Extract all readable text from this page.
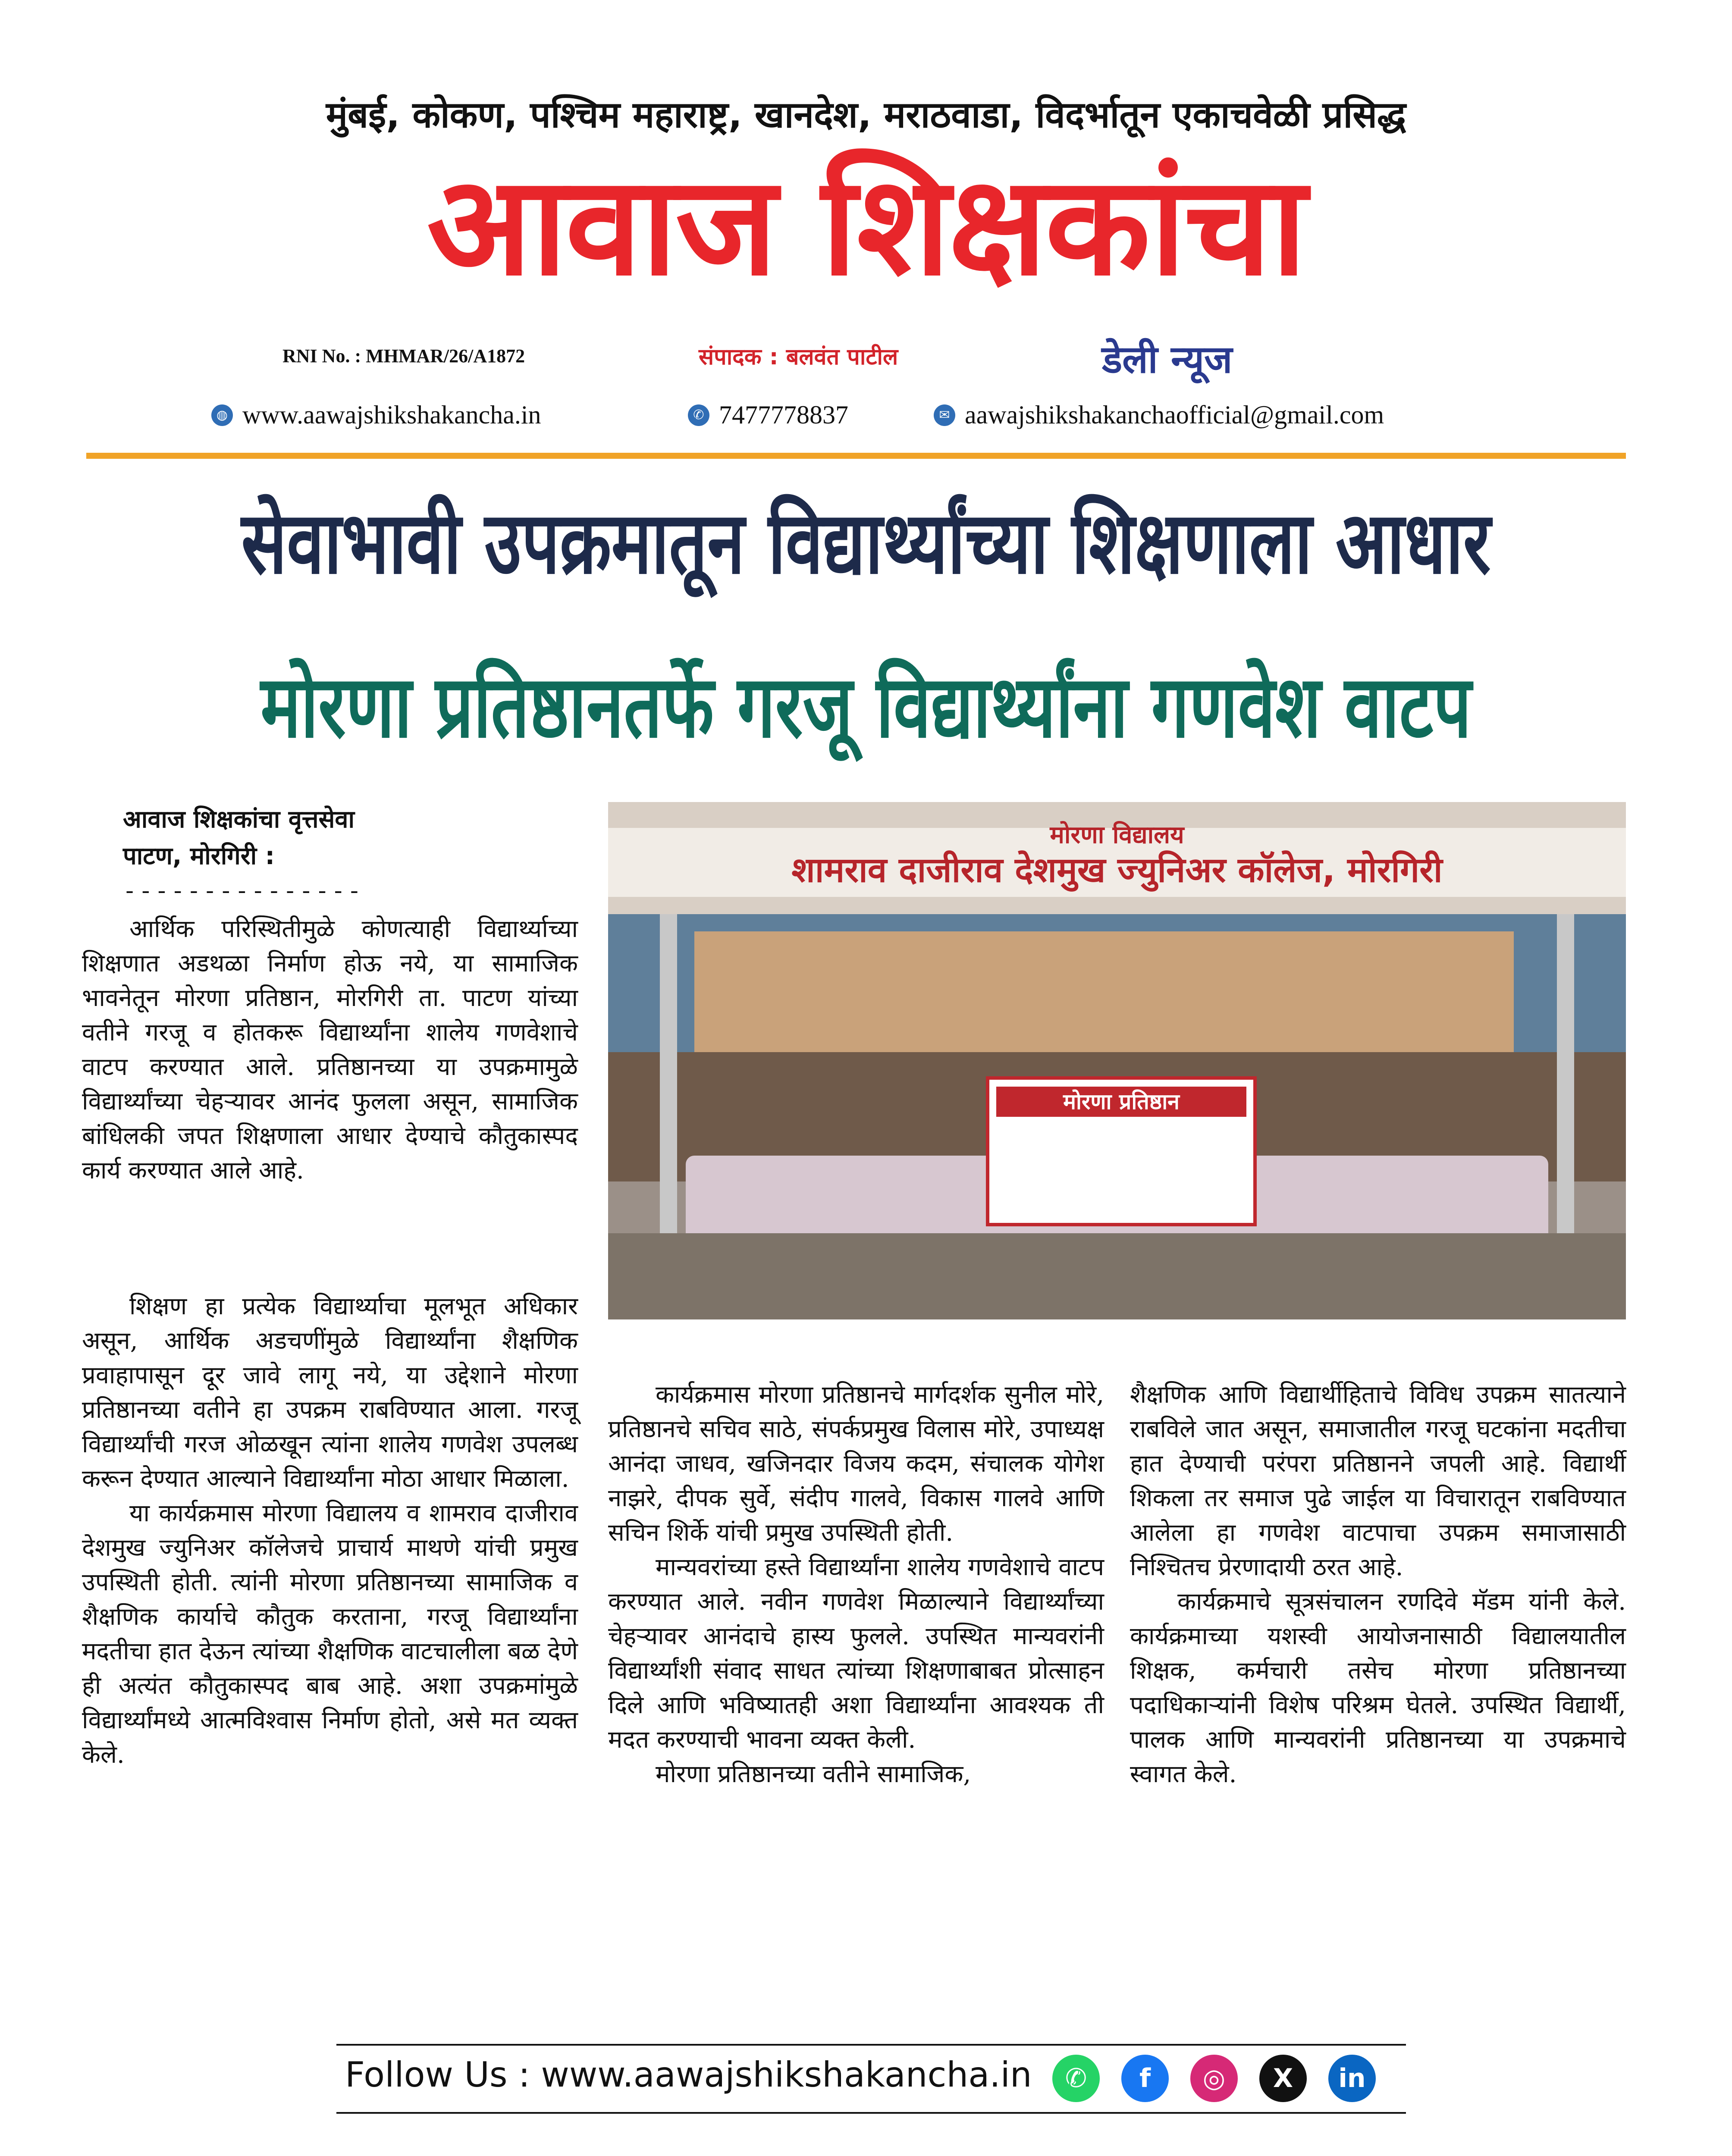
मुंबई, कोकण, पश्चिम महाराष्ट्र, खानदेश, मराठवाडा, विदर्भातून एकाचवेळी प्रसिद्ध
आवाज शिक्षकांचा
RNI No. : MHMAR/26/A1872	संपादक : बलवंत पाटील	डेली न्यूज
◍ www.aawajshikshakancha.in	✆ 7477778837	✉ aawajshikshakanchaofficial@gmail.com
सेवाभावी उपक्रमातून विद्यार्थ्यांच्या शिक्षणाला आधार
मोरणा प्रतिष्ठानतर्फे गरजू विद्यार्थ्यांना गणवेश वाटप
आवाज शिक्षकांचा वृत्तसेवा
पाटण, मोरगिरी :
---------------

आर्थिक परिस्थितीमुळे कोणत्याही विद्यार्थ्याच्या शिक्षणात अडथळा निर्माण होऊ नये, या सामाजिक भावनेतून मोरणा प्रतिष्ठान, मोरगिरी ता. पाटण यांच्या वतीने गरजू व होतकरू विद्यार्थ्यांना शालेय गणवेशाचे वाटप करण्यात आले. प्रतिष्ठानच्या या उपक्रमामुळे विद्यार्थ्यांच्या चेहऱ्यावर आनंद फुलला असून, सामाजिक बांधिलकी जपत शिक्षणाला आधार देण्याचे कौतुकास्पद कार्य करण्यात आले आहे.

शिक्षण हा प्रत्येक विद्यार्थ्याचा मूलभूत अधिकार असून, आर्थिक अडचणींमुळे विद्यार्थ्यांना शैक्षणिक प्रवाहापासून दूर जावे लागू नये, या उद्देशाने मोरणा प्रतिष्ठानच्या वतीने हा उपक्रम राबविण्यात आला. गरजू विद्यार्थ्यांची गरज ओळखून त्यांना शालेय गणवेश उपलब्ध करून देण्यात आल्याने विद्यार्थ्यांना मोठा आधार मिळाला.

या कार्यक्रमास मोरणा विद्यालय व शामराव दाजीराव देशमुख ज्युनिअर कॉलेजचे प्राचार्य माथणे यांची प्रमुख उपस्थिती होती. त्यांनी मोरणा प्रतिष्ठानच्या सामाजिक व शैक्षणिक कार्याचे कौतुक करताना, गरजू विद्यार्थ्यांना मदतीचा हात देऊन त्यांच्या शैक्षणिक वाटचालीला बळ देणे ही अत्यंत कौतुकास्पद बाब आहे. अशा उपक्रमांमुळे विद्यार्थ्यांमध्ये आत्मविश्वास निर्माण होतो, असे मत व्यक्त केले.

मोरणा विद्यालय
शामराव दाजीराव देशमुख ज्युनिअर कॉलेज, मोरगिरी
मोरणा प्रतिष्ठान

कार्यक्रमास मोरणा प्रतिष्ठानचे मार्गदर्शक सुनील मोरे, प्रतिष्ठानचे सचिव साठे, संपर्कप्रमुख विलास मोरे, उपाध्यक्ष आनंदा जाधव, खजिनदार विजय कदम, संचालक योगेश नाझरे, दीपक सुर्वे, संदीप गालवे, विकास गालवे आणि सचिन शिर्के यांची प्रमुख उपस्थिती होती.

मान्यवरांच्या हस्ते विद्यार्थ्यांना शालेय गणवेशाचे वाटप करण्यात आले. नवीन गणवेश मिळाल्याने विद्यार्थ्यांच्या चेहऱ्यावर आनंदाचे हास्य फुलले. उपस्थित मान्यवरांनी विद्यार्थ्यांशी संवाद साधत त्यांच्या शिक्षणाबाबत प्रोत्साहन दिले आणि भविष्यातही अशा विद्यार्थ्यांना आवश्यक ती मदत करण्याची भावना व्यक्त केली.

मोरणा प्रतिष्ठानच्या वतीने सामाजिक,

शैक्षणिक आणि विद्यार्थीहिताचे विविध उपक्रम सातत्याने राबविले जात असून, समाजातील गरजू घटकांना मदतीचा हात देण्याची परंपरा प्रतिष्ठानने जपली आहे. विद्यार्थी शिकला तर समाज पुढे जाईल या विचारातून राबविण्यात आलेला हा गणवेश वाटपाचा उपक्रम समाजासाठी निश्चितच प्रेरणादायी ठरत आहे.

कार्यक्रमाचे सूत्रसंचालन रणदिवे मॅडम यांनी केले. कार्यक्रमाच्या यशस्वी आयोजनासाठी विद्यालयातील शिक्षक, कर्मचारी तसेच मोरणा प्रतिष्ठानच्या पदाधिकाऱ्यांनी विशेष परिश्रम घेतले. उपस्थित विद्यार्थी, पालक आणि मान्यवरांनी प्रतिष्ठानच्या या उपक्रमाचे स्वागत केले.

Follow Us : www.aawajshikshakancha.in	✆	f	◎	X	in
